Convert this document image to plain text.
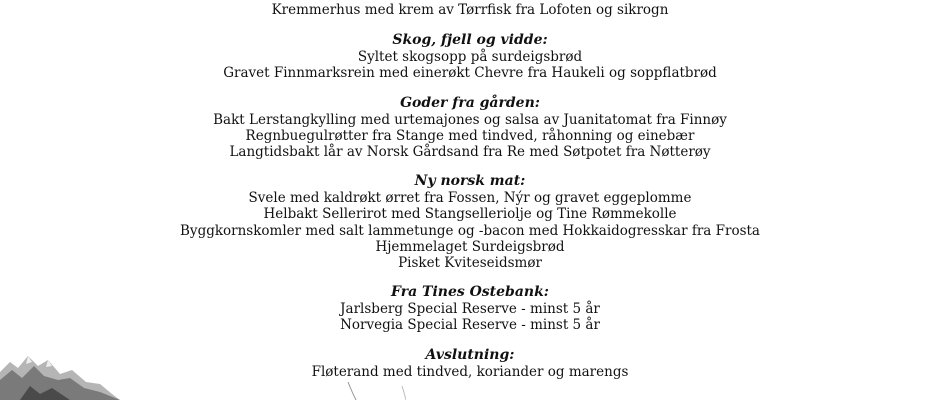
Kremmerhus med krem av Tørrfisk fra Lofoten og sikrogn
Skog, fjell og vidde:
Syltet skogsopp på surdeigsbrød
Gravet Finnmarksrein med einerøkt Chevre fra Haukeli og soppflatbrød
Goder fra gården:
Bakt Lerstangkylling med urtemajones og salsa av Juanitatomat fra Finnøy
Regnbuegulrøtter fra Stange med tindved, råhonning og einebær
Langtidsbakt lår av Norsk Gårdsand fra Re med Søtpotet fra Nøtterøy
Ny norsk mat:
Svele med kaldrøkt ørret fra Fossen, Nýr og gravet eggeplomme
Helbakt Sellerirot med Stangselleriolje og Tine Rømmekolle
Byggkornskomler med salt lammetunge og -bacon med Hokkaidogresskar fra Frosta
Hjemmelaget Surdeigsbrød
Pisket Kviteseidsmør
Fra Tines Ostebank:
Jarlsberg Special Reserve - minst 5 år
Norvegia Special Reserve - minst 5 år
Avslutning:
Fløterand med tindved, koriander og marengs
